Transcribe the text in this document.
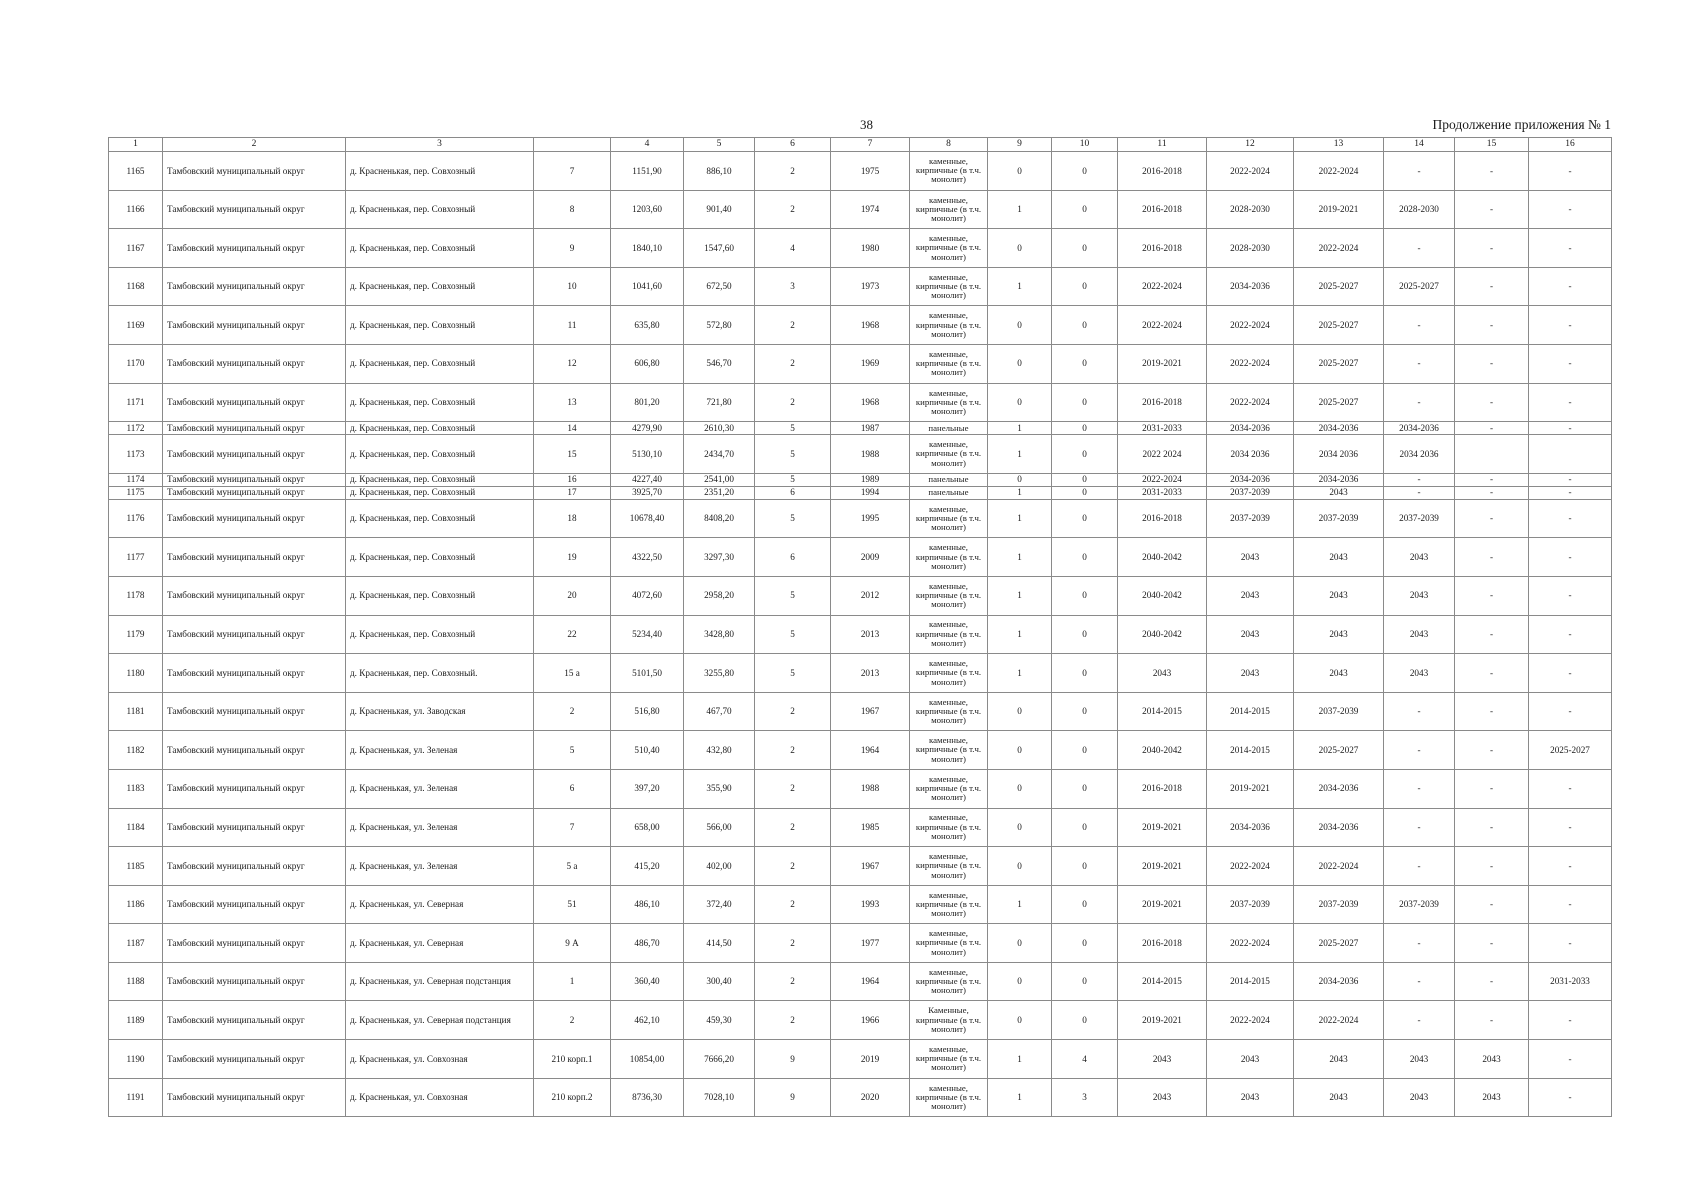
38	Продолжение приложения № 1
1	2	3		4	5	6	7	8	9	10	11	12	13	14	15	16
1165	Тамбовский муниципальный округ	д. Красненькая, пер. Совхозный	7	1151,90	886,10	2	1975	каменные, кирпичные (в т.ч. монолит)	0	0	2016-2018	2022-2024	2022-2024	-	-	-
1166	Тамбовский муниципальный округ	д. Красненькая, пер. Совхозный	8	1203,60	901,40	2	1974	каменные, кирпичные (в т.ч. монолит)	1	0	2016-2018	2028-2030	2019-2021	2028-2030	-	-
1167	Тамбовский муниципальный округ	д. Красненькая, пер. Совхозный	9	1840,10	1547,60	4	1980	каменные, кирпичные (в т.ч. монолит)	0	0	2016-2018	2028-2030	2022-2024	-	-	-
1168	Тамбовский муниципальный округ	д. Красненькая, пер. Совхозный	10	1041,60	672,50	3	1973	каменные, кирпичные (в т.ч. монолит)	1	0	2022-2024	2034-2036	2025-2027	2025-2027	-	-
1169	Тамбовский муниципальный округ	д. Красненькая, пер. Совхозный	11	635,80	572,80	2	1968	каменные, кирпичные (в т.ч. монолит)	0	0	2022-2024	2022-2024	2025-2027	-	-	-
1170	Тамбовский муниципальный округ	д. Красненькая, пер. Совхозный	12	606,80	546,70	2	1969	каменные, кирпичные (в т.ч. монолит)	0	0	2019-2021	2022-2024	2025-2027	-	-	-
1171	Тамбовский муниципальный округ	д. Красненькая, пер. Совхозный	13	801,20	721,80	2	1968	каменные, кирпичные (в т.ч. монолит)	0	0	2016-2018	2022-2024	2025-2027	-	-	-
1172	Тамбовский муниципальный округ	д. Красненькая, пер. Совхозный	14	4279,90	2610,30	5	1987	панельные	1	0	2031-2033	2034-2036	2034-2036	2034-2036	-	-
1173	Тамбовский муниципальный округ	д. Красненькая, пер. Совхозный	15	5130,10	2434,70	5	1988	каменные, кирпичные (в т.ч. монолит)	1	0	2022 2024	2034 2036	2034 2036	2034 2036		
1174	Тамбовский муниципальный округ	д. Красненькая, пер. Совхозный	16	4227,40	2541,00	5	1989	панельные	0	0	2022-2024	2034-2036	2034-2036	-	-	-
1175	Тамбовский муниципальный округ	д. Красненькая, пер. Совхозный	17	3925,70	2351,20	6	1994	панельные	1	0	2031-2033	2037-2039	2043	-	-	-
1176	Тамбовский муниципальный округ	д. Красненькая, пер. Совхозный	18	10678,40	8408,20	5	1995	каменные, кирпичные (в т.ч. монолит)	1	0	2016-2018	2037-2039	2037-2039	2037-2039	-	-
1177	Тамбовский муниципальный округ	д. Красненькая, пер. Совхозный	19	4322,50	3297,30	6	2009	каменные, кирпичные (в т.ч. монолит)	1	0	2040-2042	2043	2043	2043	-	-
1178	Тамбовский муниципальный округ	д. Красненькая, пер. Совхозный	20	4072,60	2958,20	5	2012	каменные, кирпичные (в т.ч. монолит)	1	0	2040-2042	2043	2043	2043	-	-
1179	Тамбовский муниципальный округ	д. Красненькая, пер. Совхозный	22	5234,40	3428,80	5	2013	каменные, кирпичные (в т.ч. монолит)	1	0	2040-2042	2043	2043	2043	-	-
1180	Тамбовский муниципальный округ	д. Красненькая, пер. Совхозный.	15 а	5101,50	3255,80	5	2013	каменные, кирпичные (в т.ч. монолит)	1	0	2043	2043	2043	2043	-	-
1181	Тамбовский муниципальный округ	д. Красненькая, ул. Заводская	2	516,80	467,70	2	1967	каменные, кирпичные (в т.ч. монолит)	0	0	2014-2015	2014-2015	2037-2039	-	-	-
1182	Тамбовский муниципальный округ	д. Красненькая, ул. Зеленая	5	510,40	432,80	2	1964	каменные, кирпичные (в т.ч. монолит)	0	0	2040-2042	2014-2015	2025-2027	-	-	2025-2027
1183	Тамбовский муниципальный округ	д. Красненькая, ул. Зеленая	6	397,20	355,90	2	1988	каменные, кирпичные (в т.ч. монолит)	0	0	2016-2018	2019-2021	2034-2036	-	-	-
1184	Тамбовский муниципальный округ	д. Красненькая, ул. Зеленая	7	658,00	566,00	2	1985	каменные, кирпичные (в т.ч. монолит)	0	0	2019-2021	2034-2036	2034-2036	-	-	-
1185	Тамбовский муниципальный округ	д. Красненькая, ул. Зеленая	5 а	415,20	402,00	2	1967	каменные, кирпичные (в т.ч. монолит)	0	0	2019-2021	2022-2024	2022-2024	-	-	-
1186	Тамбовский муниципальный округ	д. Красненькая, ул. Северная	51	486,10	372,40	2	1993	каменные, кирпичные (в т.ч. монолит)	1	0	2019-2021	2037-2039	2037-2039	2037-2039	-	-
1187	Тамбовский муниципальный округ	д. Красненькая, ул. Северная	9 А	486,70	414,50	2	1977	каменные, кирпичные (в т.ч. монолит)	0	0	2016-2018	2022-2024	2025-2027	-	-	-
1188	Тамбовский муниципальный округ	д. Красненькая, ул. Северная подстанция	1	360,40	300,40	2	1964	каменные, кирпичные (в т.ч. монолит)	0	0	2014-2015	2014-2015	2034-2036	-	-	2031-2033
1189	Тамбовский муниципальный округ	д. Красненькая, ул. Северная подстанция	2	462,10	459,30	2	1966	Каменные, кирпичные (в т.ч. монолит)	0	0	2019-2021	2022-2024	2022-2024	-	-	-
1190	Тамбовский муниципальный округ	д. Красненькая, ул. Совхозная	210 корп.1	10854,00	7666,20	9	2019	каменные, кирпичные (в т.ч. монолит)	1	4	2043	2043	2043	2043	2043	-
1191	Тамбовский муниципальный округ	д. Красненькая, ул. Совхозная	210 корп.2	8736,30	7028,10	9	2020	каменные, кирпичные (в т.ч. монолит)	1	3	2043	2043	2043	2043	2043	-
